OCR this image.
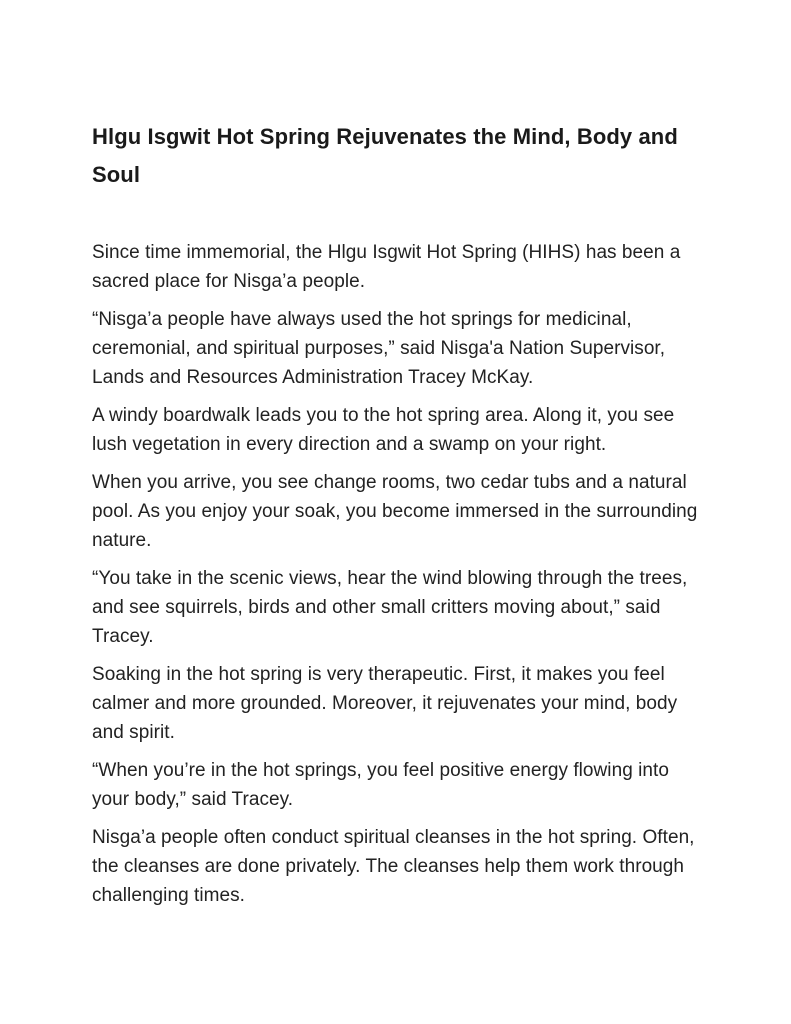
Hlgu Isgwit Hot Spring Rejuvenates the Mind, Body and Soul

Since time immemorial, the Hlgu Isgwit Hot Spring (HIHS) has been a sacred place for Nisga’a people.

“Nisga’a people have always used the hot springs for medicinal, ceremonial, and spiritual purposes,” said Nisga'a Nation Supervisor, Lands and Resources Administration Tracey McKay.

A windy boardwalk leads you to the hot spring area. Along it, you see lush vegetation in every direction and a swamp on your right.

When you arrive, you see change rooms, two cedar tubs and a natural pool. As you enjoy your soak, you become immersed in the surrounding nature.

“You take in the scenic views, hear the wind blowing through the trees, and see squirrels, birds and other small critters moving about,” said Tracey.

Soaking in the hot spring is very therapeutic. First, it makes you feel calmer and more grounded. Moreover, it rejuvenates your mind, body and spirit.

“When you’re in the hot springs, you feel positive energy flowing into your body,” said Tracey.

Nisga’a people often conduct spiritual cleanses in the hot spring. Often, the cleanses are done privately. The cleanses help them work through challenging times.
